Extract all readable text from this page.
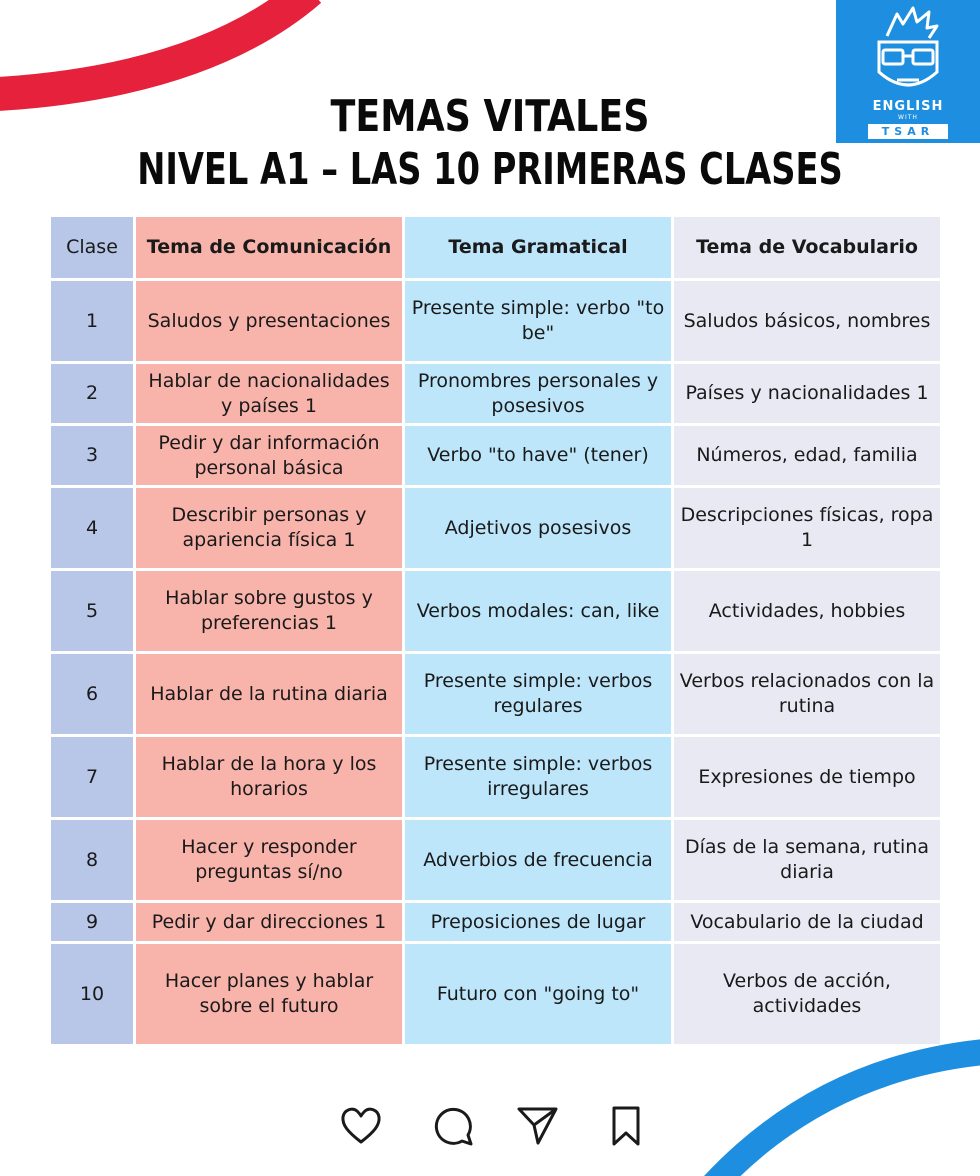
ENGLISH
WITH
TSAR
TEMAS VITALES
NIVEL A1 – LAS 10 PRIMERAS CLASES
Clase	Tema de Comunicación	Tema Gramatical	Tema de Vocabulario
1	Saludos y presentaciones	Presente simple: verbo "to be"	Saludos básicos, nombres
2	Hablar de nacionalidades y países 1	Pronombres personales y posesivos	Países y nacionalidades 1
3	Pedir y dar información personal básica	Verbo "to have" (tener)	Números, edad, familia
4	Describir personas y apariencia física 1	Adjetivos posesivos	Descripciones físicas, ropa 1
5	Hablar sobre gustos y preferencias 1	Verbos modales: can, like	Actividades, hobbies
6	Hablar de la rutina diaria	Presente simple: verbos regulares	Verbos relacionados con la rutina
7	Hablar de la hora y los horarios	Presente simple: verbos irregulares	Expresiones de tiempo
8	Hacer y responder preguntas sí/no	Adverbios de frecuencia	Días de la semana, rutina diaria
9	Pedir y dar direcciones 1	Preposiciones de lugar	Vocabulario de la ciudad
10	Hacer planes y hablar sobre el futuro	Futuro con "going to"	Verbos de acción, actividades
